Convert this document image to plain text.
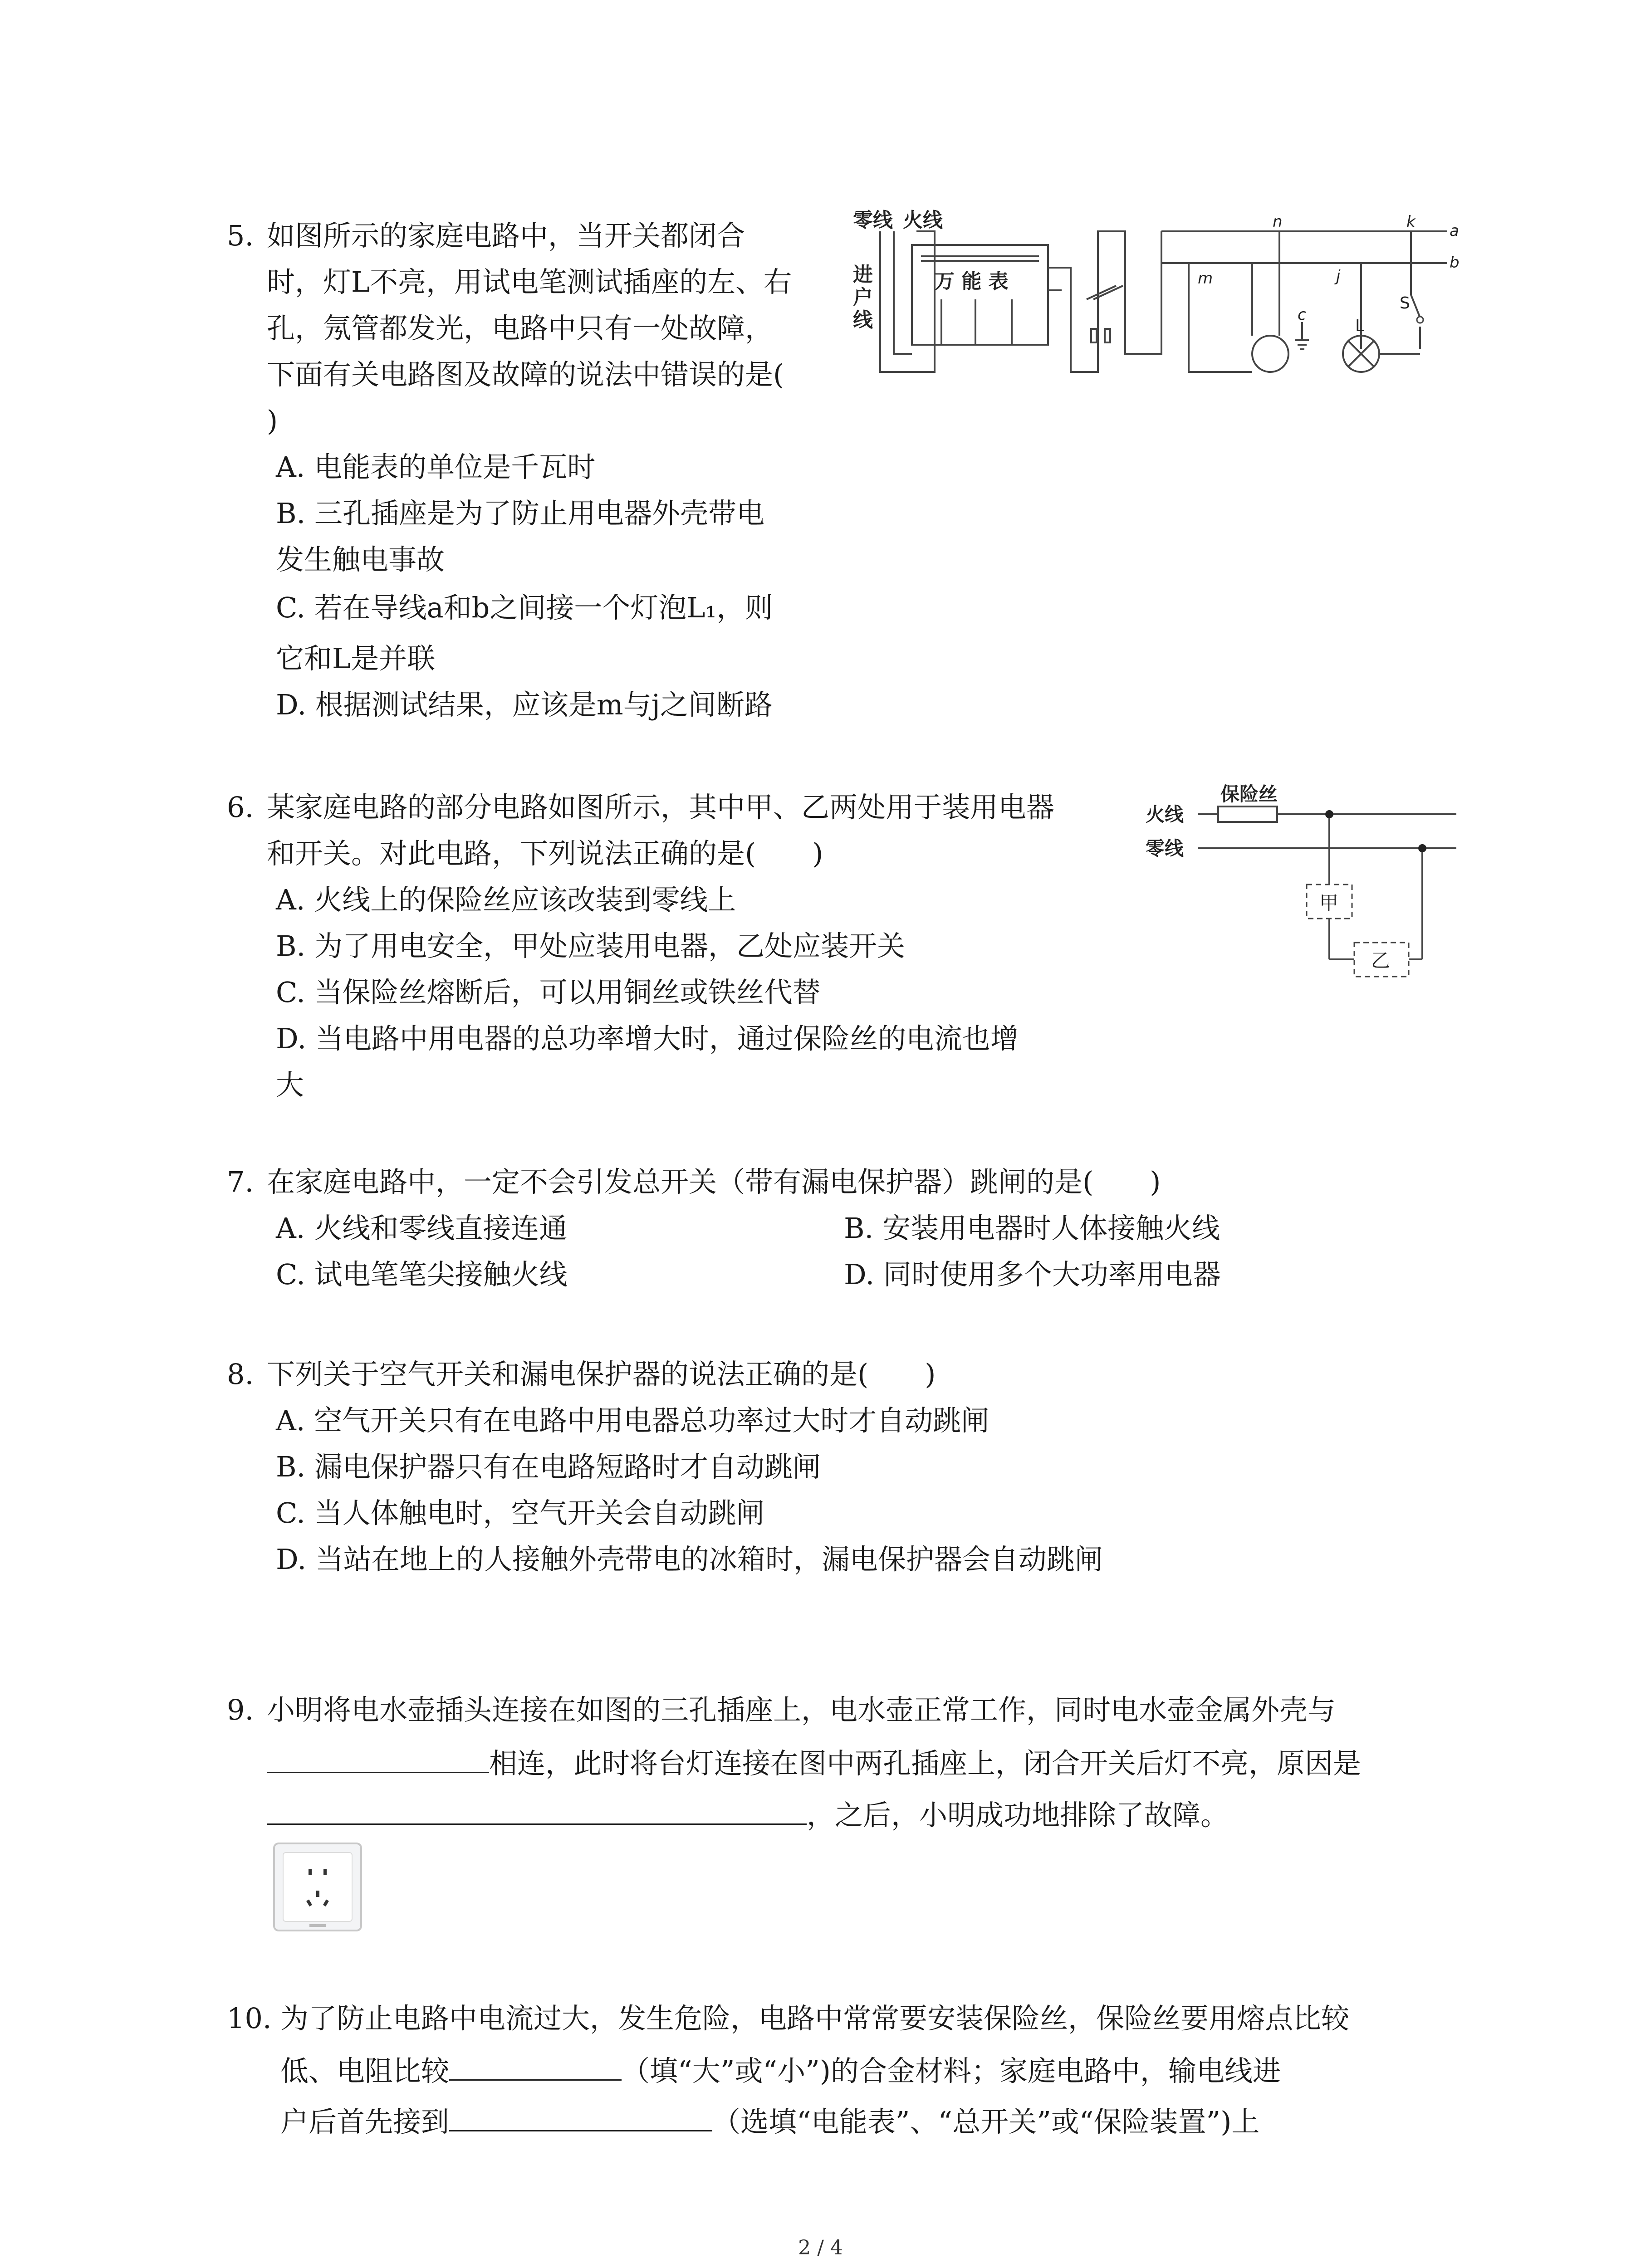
5. 如图所示的家庭电路中，当开关都闭合
时，灯L不亮，用试电笔测试插座的左、右
孔，氖管都发光，电路中只有一处故障，
下面有关电路图及故障的说法中错误的是(
)
A. 电能表的单位是千瓦时
B. 三孔插座是为了防止用电器外壳带电
发生触电事故
C. 若在导线a和b之间接一个灯泡L₁，则
它和L是并联
D. 根据测试结果，应该是m与j之间断路
零线 火线
进
户
线
万 能 表
n	k a
b
m	j
c
L
S
6. 某家庭电路的部分电路如图所示，其中甲、乙两处用于装用电器
和开关。对此电路，下列说法正确的是(　　)
A. 火线上的保险丝应该改装到零线上
B. 为了用电安全，甲处应装用电器，乙处应装开关
C. 当保险丝熔断后，可以用铜丝或铁丝代替
D. 当电路中用电器的总功率增大时，通过保险丝的电流也增
大
火线
零线
保险丝
甲
乙
7. 在家庭电路中，一定不会引发总开关（带有漏电保护器）跳闸的是(　　)
A. 火线和零线直接连通	B. 安装用电器时人体接触火线
C. 试电笔笔尖接触火线	D. 同时使用多个大功率用电器
8. 下列关于空气开关和漏电保护器的说法正确的是(　　)
A. 空气开关只有在电路中用电器总功率过大时才自动跳闸
B. 漏电保护器只有在电路短路时才自动跳闸
C. 当人体触电时，空气开关会自动跳闸
D. 当站在地上的人接触外壳带电的冰箱时，漏电保护器会自动跳闸
9. 小明将电水壶插头连接在如图的三孔插座上，电水壶正常工作，同时电水壶金属外壳与
相连，此时将台灯连接在图中两孔插座上，闭合开关后灯不亮，原因是
，之后，小明成功地排除了故障。
10. 为了防止电路中电流过大，发生危险，电路中常常要安装保险丝，保险丝要用熔点比较
低、电阻比较	（填“大”或“小”)的合金材料；家庭电路中，输电线进
户后首先接到	（选填“电能表”、“总开关”或“保险装置”)上
2 / 4
